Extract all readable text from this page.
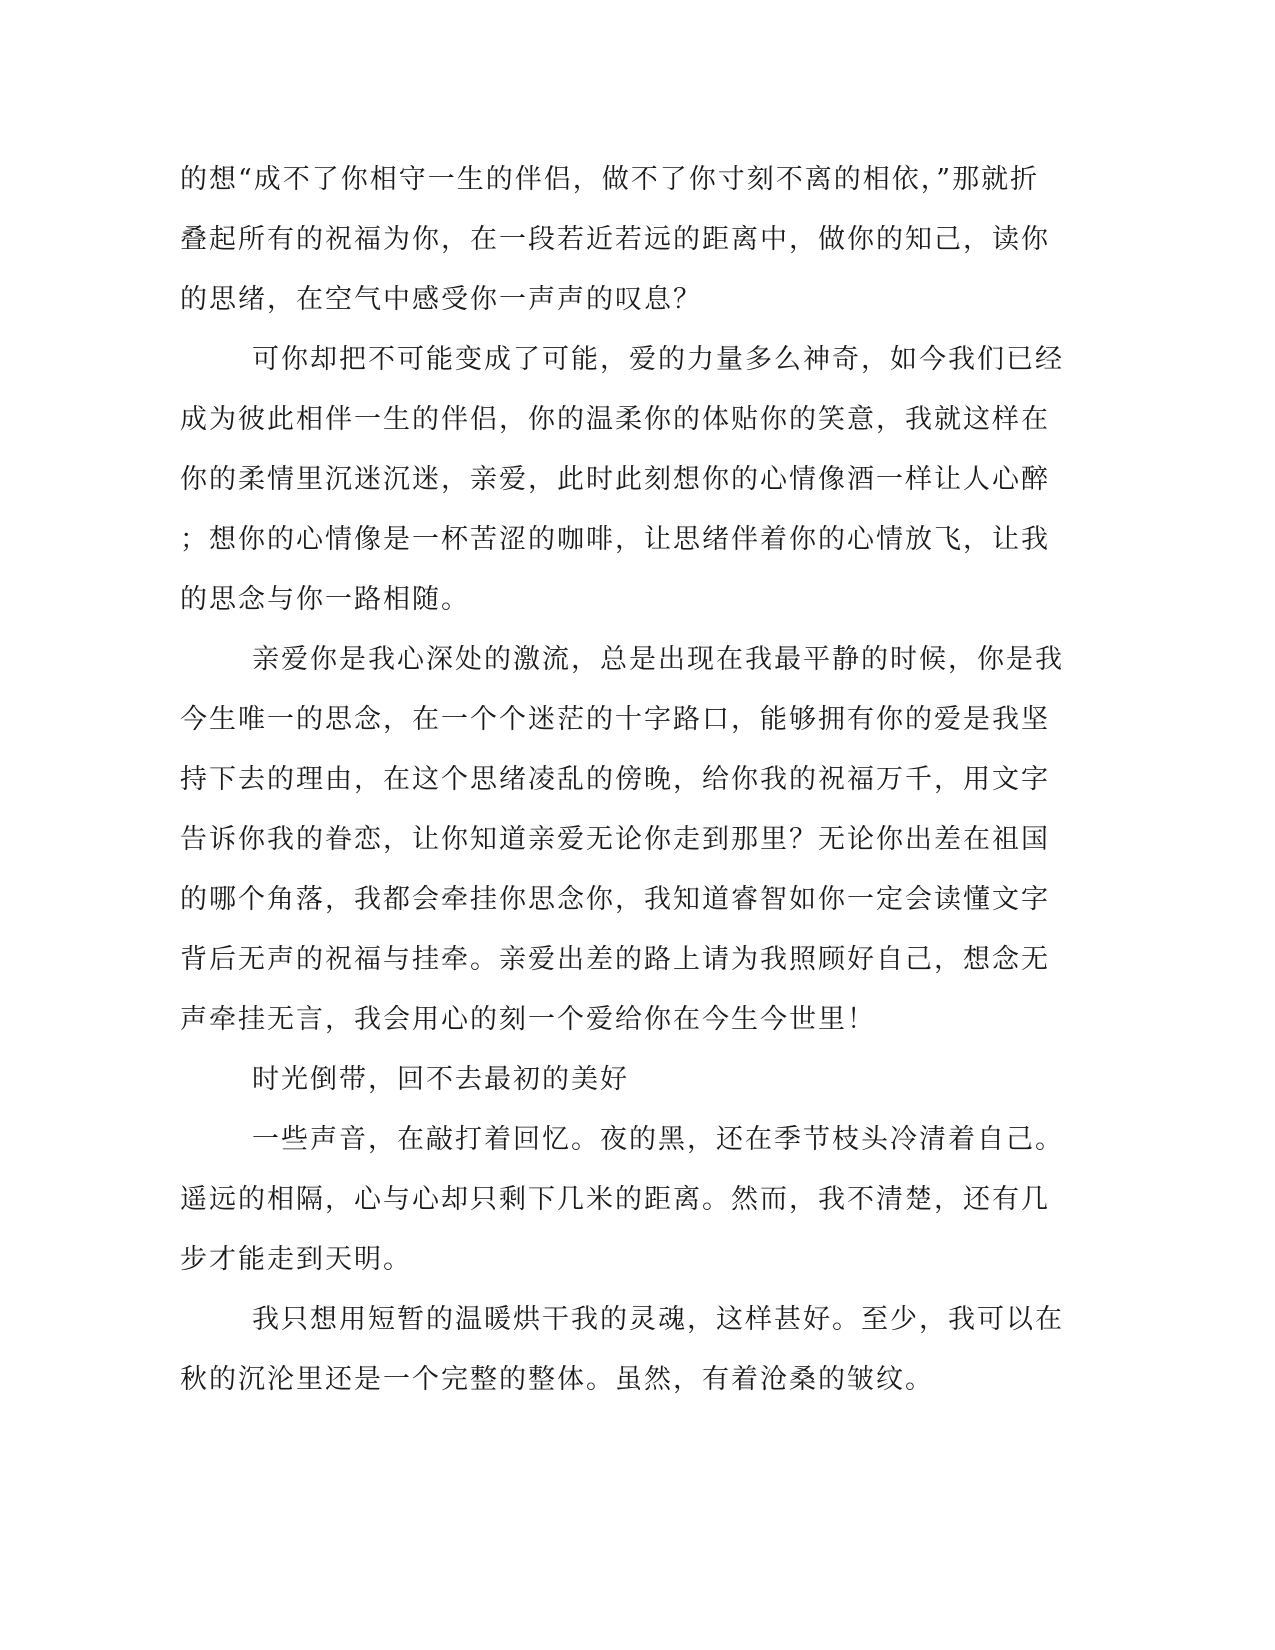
的想“成不了你相守一生的伴侣，做不了你寸刻不离的相依，”那就折
叠起所有的祝福为你，在一段若近若远的距离中，做你的知己，读你
的思绪，在空气中感受你一声声的叹息？
可你却把不可能变成了可能，爱的力量多么神奇，如今我们已经
成为彼此相伴一生的伴侣，你的温柔你的体贴你的笑意，我就这样在
你的柔情里沉迷沉迷，亲爱，此时此刻想你的心情像酒一样让人心醉
；想你的心情像是一杯苦涩的咖啡，让思绪伴着你的心情放飞，让我
的思念与你一路相随。
亲爱你是我心深处的激流，总是出现在我最平静的时候，你是我
今生唯一的思念，在一个个迷茫的十字路口，能够拥有你的爱是我坚
持下去的理由，在这个思绪凌乱的傍晚，给你我的祝福万千，用文字
告诉你我的眷恋，让你知道亲爱无论你走到那里？无论你出差在祖国
的哪个角落，我都会牵挂你思念你，我知道睿智如你一定会读懂文字
背后无声的祝福与挂牵。亲爱出差的路上请为我照顾好自己，想念无
声牵挂无言，我会用心的刻一个爱给你在今生今世里！
时光倒带，回不去最初的美好
一些声音，在敲打着回忆。夜的黑，还在季节枝头冷清着自己。
遥远的相隔，心与心却只剩下几米的距离。然而，我不清楚，还有几
步才能走到天明。
我只想用短暂的温暖烘干我的灵魂，这样甚好。至少，我可以在
秋的沉沦里还是一个完整的整体。虽然，有着沧桑的皱纹。
